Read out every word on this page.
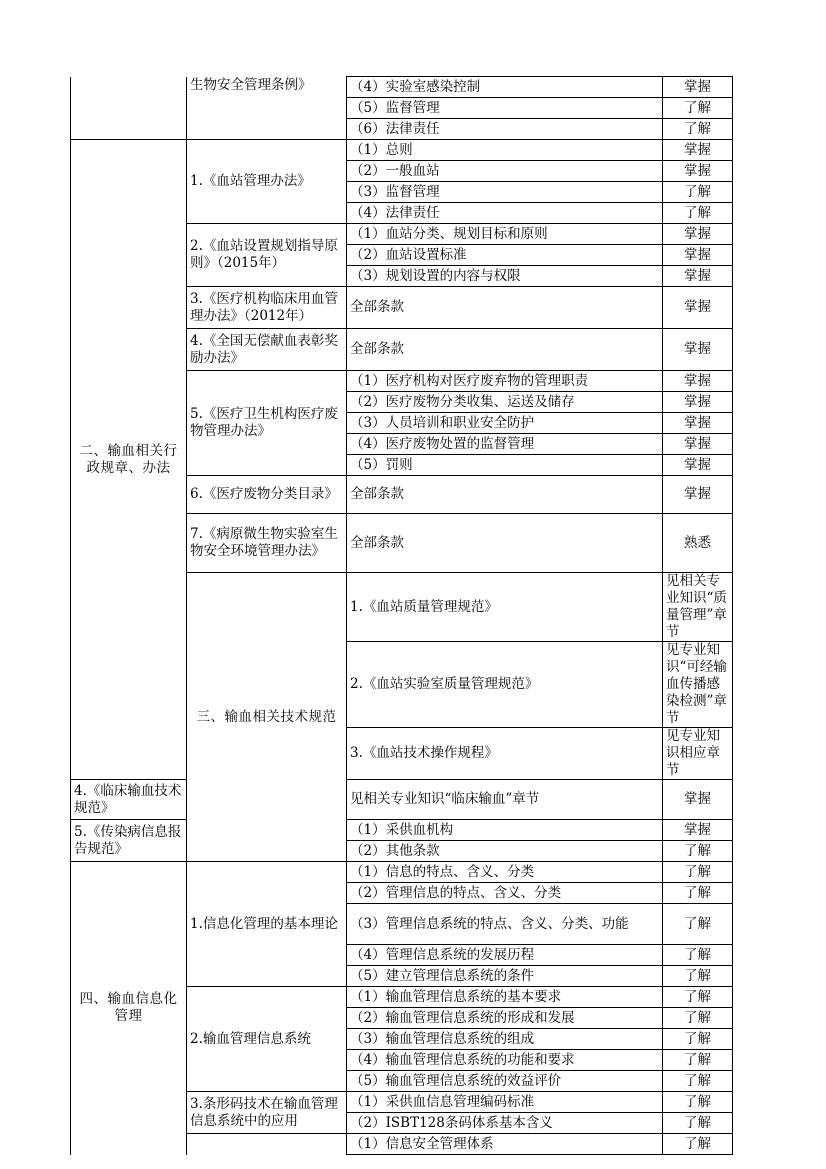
	生物安全管理条例》	（4）实验室感染控制	掌握	
		（5）监督管理	了解	
		（6）法律责任	了解	
二、输血相关行政规章、办法	1.《血站管理办法》	（1）总则	掌握	
		（2）一般血站	掌握	
		（3）监督管理	了解	
		（4）法律责任	了解	
	2.《血站设置规划指导原则》（2015年）	（1）血站分类、规划目标和原则	掌握	
		（2）血站设置标准	掌握	
		（3）规划设置的内容与权限	掌握	
	3.《医疗机构临床用血管理办法》（2012年）	全部条款	掌握	
	4.《全国无偿献血表彰奖励办法》	全部条款	掌握	
	5.《医疗卫生机构医疗废物管理办法》	（1）医疗机构对医疗废弃物的管理职责	掌握	
		（2）医疗废物分类收集、运送及储存	掌握	
		（3）人员培训和职业安全防护	掌握	
		（4）医疗废物处置的监督管理	掌握	
		（5）罚则	掌握	
	6.《医疗废物分类目录》	全部条款	掌握	
	7.《病原微生物实验室生物安全环境管理办法》	全部条款	熟悉	
	三、输血相关技术规范	1.《血站质量管理规范》	见相关专业知识“质量管理”章节	
		2.《血站实验室质量管理规范》	见专业知识“可经输血传播感染检测”章节	
		3.《血站技术操作规程》	见专业知识相应章节	
4.《临床输血技术规范》		见相关专业知识“临床输血”章节	掌握	
5.《传染病信息报告规范》		（1）采供血机构	掌握	
		（2）其他条款	了解	
四、输血信息化管理	1.信息化管理的基本理论	（1）信息的特点、含义、分类	了解	
		（2）管理信息的特点、含义、分类	了解	
		（3）管理信息系统的特点、含义、分类、功能	了解	
		（4）管理信息系统的发展历程	了解	
		（5）建立管理信息系统的条件	了解	
	2.输血管理信息系统	（1）输血管理信息系统的基本要求	了解	
		（2）输血管理信息系统的形成和发展	了解	
		（3）输血管理信息系统的组成	了解	
		（4）输血管理信息系统的功能和要求	了解	
		（5）输血管理信息系统的效益评价	了解	
	3.条形码技术在输血管理信息系统中的应用	（1）采供血信息管理编码标准	了解	
		（2）ISBT128条码体系基本含义	了解	
		（1）信息安全管理体系	了解	
